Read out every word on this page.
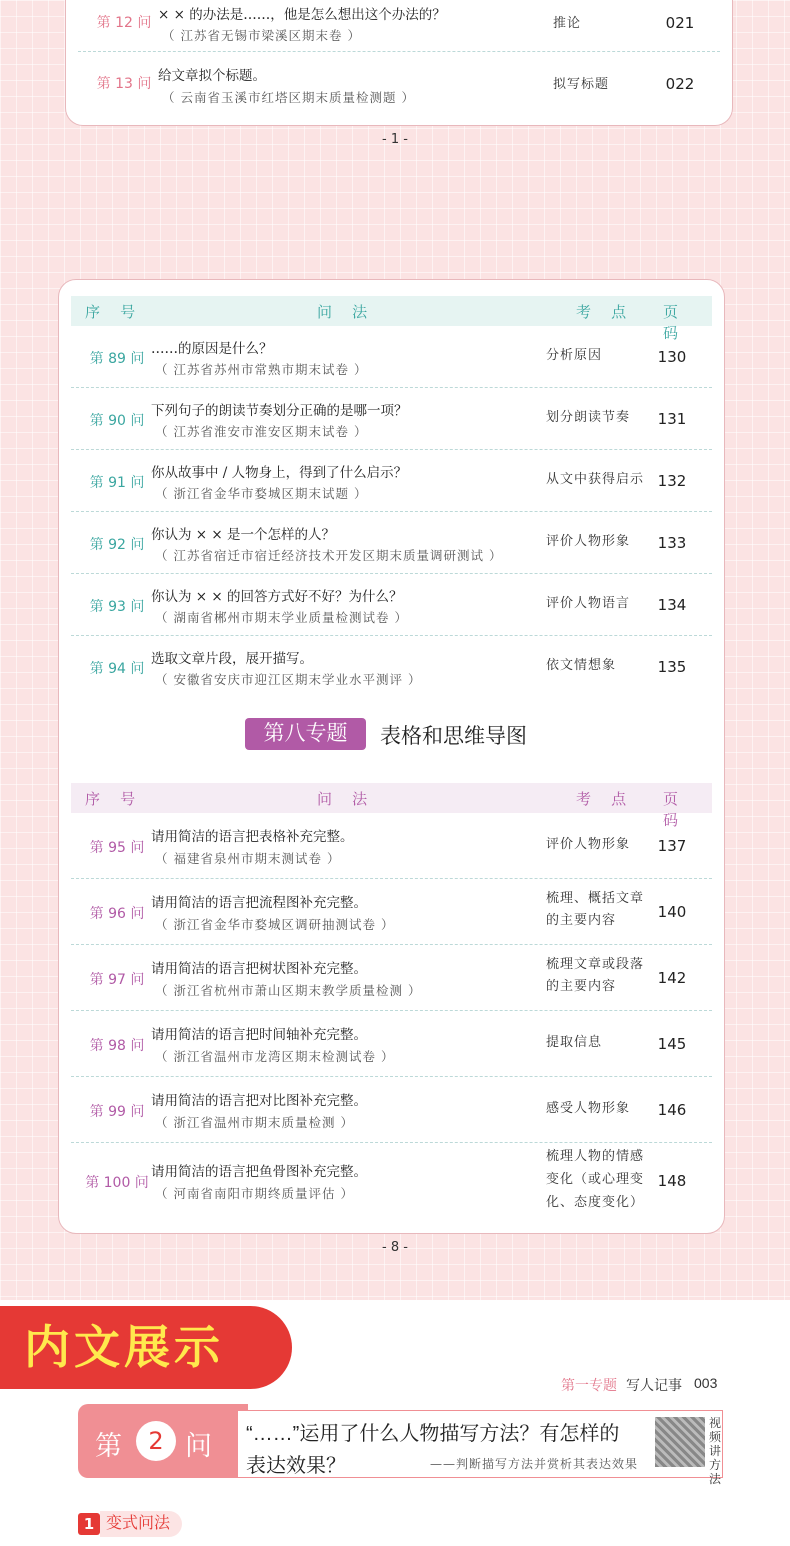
第 12 问 × × 的办法是……，他是怎么想出这个办法的？
（ 江苏省无锡市梁溪区期末卷 ）
推论	021
第 13 问 给文章拟个标题。
（ 云南省玉溪市红塔区期末质量检测题 ）
拟写标题	022
- 1 -
序 号	问 法	考 点 页 码
第 89 问
……的原因是什么？
（ 江苏省苏州市常熟市期末试卷 ）
分析原因	130
第 90 问
下列句子的朗读节奏划分正确的是哪一项？
（ 江苏省淮安市淮安区期末试卷 ）
划分朗读节奏	131
第 91 问
你从故事中 / 人物身上，得到了什么启示？
（ 浙江省金华市婺城区期末试题 ）
从文中获得启示 132
第 92 问
你认为 × × 是一个怎样的人？
（ 江苏省宿迁市宿迁经济技术开发区期末质量调研测试 ）
评价人物形象	133
第 93 问
你认为 × × 的回答方式好不好？为什么？
（ 湖南省郴州市期末学业质量检测试卷 ）
评价人物语言	134
第 94 问
选取文章片段，展开描写。
（ 安徽省安庆市迎江区期末学业水平测评 ）
依文情想象	135
序 号	问 法	考 点 页 码
第 95 问
请用简洁的语言把表格补充完整。
（ 福建省泉州市期末测试卷 ）
评价人物形象	137
第 96 问
请用简洁的语言把流程图补充完整。
（ 浙江省金华市婺城区调研抽测试卷 ）
梳理、概括文章
的主要内容	140
第 97 问
请用简洁的语言把树状图补充完整。
（ 浙江省杭州市萧山区期末教学质量检测 ）
梳理文章或段落
的主要内容	142
第 98 问
请用简洁的语言把时间轴补充完整。
（ 浙江省温州市龙湾区期末检测试卷 ）
提取信息	145
第 99 问
请用简洁的语言把对比图补充完整。
（ 浙江省温州市期末质量检测 ）
感受人物形象	146
第 100 问
请用简洁的语言把鱼骨图补充完整。
（ 河南省南阳市期终质量评估 ）
梳理人物的情感
变化（或心理变
化、态度变化）
148
第八专题	表格和思维导图
- 8 -
内文展示
第一专题 写人记事 003
第 问
2	“……”运用了什么人物描写方法？有怎样的
表达效果？	——判断描写方法并赏析其表达效果
视频讲方法
1 变式问法
